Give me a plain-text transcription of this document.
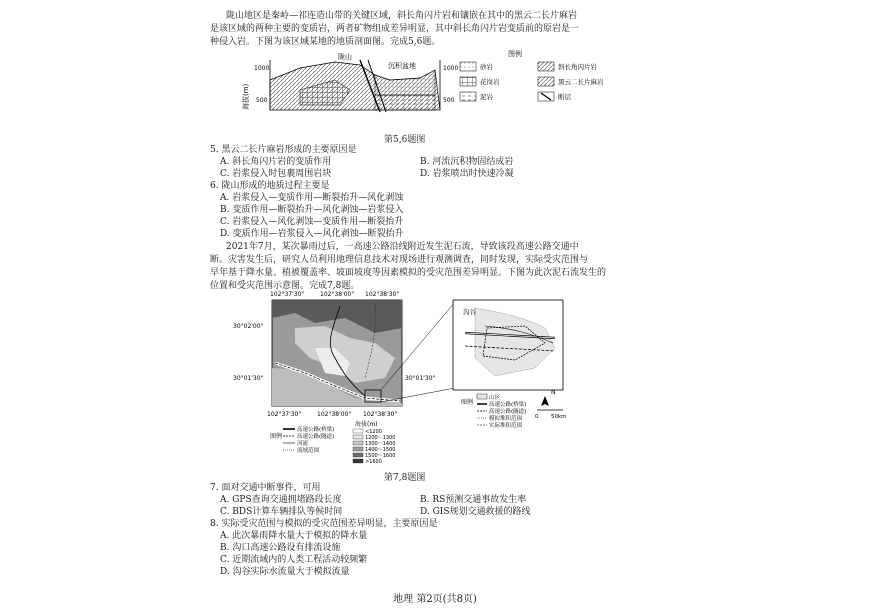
陇山地区是秦岭—祁连造山带的关键区域，斜长角闪片岩和镶嵌在其中的黑云二长片麻岩
是该区域的两种主要的变质岩，两者矿物组成差异明显，其中斜长角闪片岩变质前的原岩是一
种侵入岩。下图为该区域某地的地质剖面图。完成5,6题。
海拔(m)
1000
500
1000
500
陇山
沉积盆地
图例
砂岩	斜长角闪片岩
花岗岩	黑云二长片麻岩
泥岩	断层
第5,6题图
5. 黑云二长片麻岩形成的主要原因是
A. 斜长角闪片岩的变质作用	B. 河流沉积物固结成岩
C. 岩浆侵入时包裹周围岩块	D. 岩浆喷出时快速冷凝
6. 陇山形成的地质过程主要是
A. 岩浆侵入—变质作用—断裂抬升—风化剥蚀
B. 变质作用—断裂抬升—风化剥蚀—岩浆侵入
C. 岩浆侵入—风化剥蚀—变质作用—断裂抬升
D. 变质作用—岩浆侵入—风化剥蚀—断裂抬升
2021年7月，某次暴雨过后，一高速公路沿线附近发生泥石流，导致该段高速公路交通中
断。灾害发生后，研究人员利用地理信息技术对现场进行观测调查，同时发现，实际受灾范围与
早年基于降水量、植被覆盖率、坡面坡度等因素模拟的受灾范围差异明显。下图为此次泥石流发生的
位置和受灾范围示意图。完成7,8题。
102°37'30"	102°38'00" 102°38'30"
30°02'00"
30°01'30"	30°01'30"
102°37'30"	102°38'00" 102°38'30"
沟谷
图例
山区
高速公路(桥梁)
高速公路(隧道)
模拟堆积范围
实际堆积范围
N
0 50km
图例
高速公路(桥梁)
高速公路(隧道)
河流
流域范围
海拔(m)
<1200
1200～1300
1300～1400
1400～1500
1500～1600
>1600
第7,8题图
7. 面对交通中断事件，可用
A. GPS查询交通拥堵路段长度	B. RS预测交通事故发生率
C. BDS计算车辆排队等候时间	D. GIS规划交通救援的路线
8. 实际受灾范围与模拟的受灾范围差异明显，主要原因是
A. 此次暴雨降水量大于模拟的降水量
B. 沟口高速公路设有排流设施
C. 近期流域内的人类工程活动较频繁
D. 沟谷实际水流量大于模拟流量
地理 第2页(共8页)
